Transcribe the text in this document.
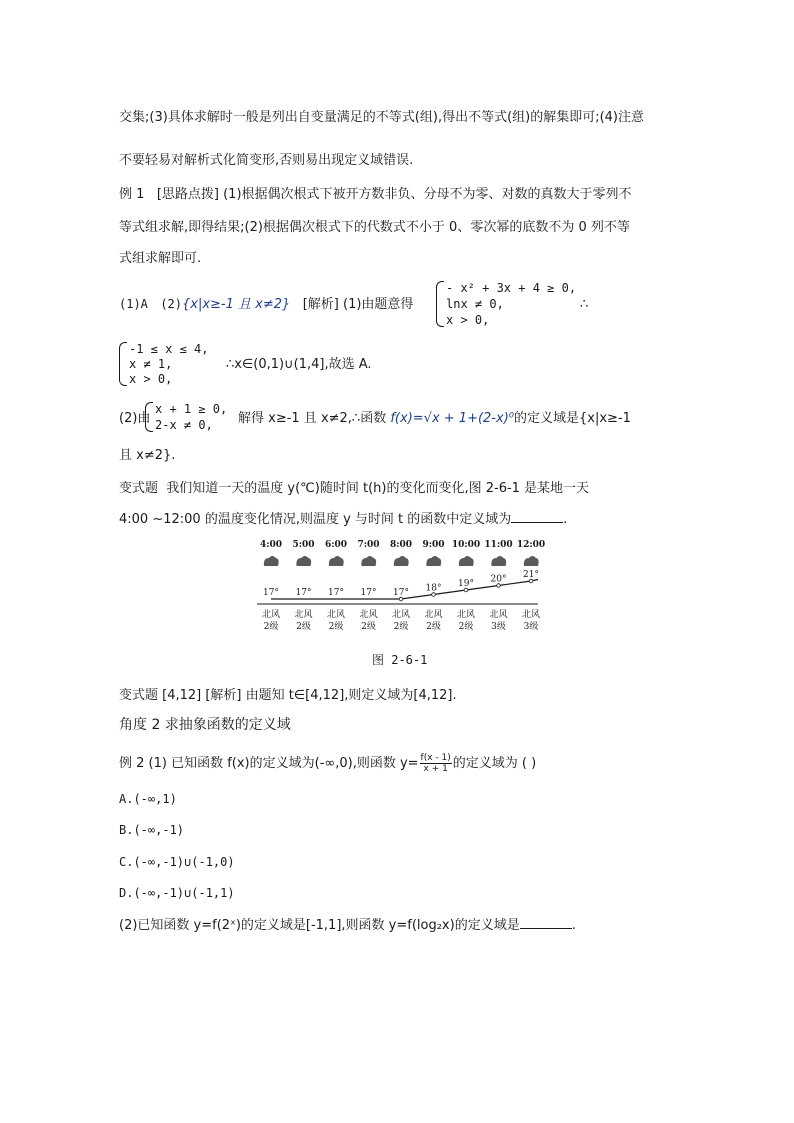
交集;(3)具体求解时一般是列出自变量满足的不等式(组),得出不等式(组)的解集即可;(4)注意
不要轻易对解析式化简变形,否则易出现定义域错误.
例 1 [思路点拨] (1)根据偶次根式下被开方数非负、分母不为零、对数的真数大于零列不
等式组求解,即得结果;(2)根据偶次根式下的代数式不小于 0、零次幂的底数不为 0 列不等
式组求解即可.
(1)A (2){x|x≥-1 且 x≠2} [解析] (1)由题意得
- x² + 3x + 4 ≥ 0,
lnx ≠ 0,
x > 0,
∴
-1 ≤ x ≤ 4,
x ≠ 1,
x > 0,
∴x∈(0,1)∪(1,4],故选 A.
(2)由
x + 1 ≥ 0,
2-x ≠ 0,	解得 x≥-1 且 x≠2,∴函数 f(x)=√x + 1+(2-x)⁰的定义域是{x|x≥-1
且 x≠2}.
变式题 我们知道一天的温度 y(℃)随时间 t(h)的变化而变化,图 2-6-1 是某地一天
4:00 ~12:00 的温度变化情况,则温度 y 与时间 t 的函数中定义域为	.
4:00 5:00 6:00 7:00 8:00 9:00 10:00 11:00 12:00
17° 17° 17° 17° 17° 18° 19° 20° 21°
北风
2级
北风
2级
北风
2级
北风
2级
北风
2级
北风
2级
北风
2级
北风
3级
北风
3级
图 2-6-1
变式题 [4,12] [解析] 由题知 t∈[4,12],则定义域为[4,12].
角度 2 求抽象函数的定义域
例 2 (1) 已知函数 f(x)的定义域为(-∞,0),则函数 $y= \frac{f(x - 1)}{x + 1}$ 的定义域为 ( )
A.(-∞,1)
B.(-∞,-1)
C.(-∞,-1)∪(-1,0)
D.(-∞,-1)∪(-1,1)
(2)已知函数 y=f(2ˣ)的定义域是[-1,1],则函数 y=f(log₂x)的定义域是	.
